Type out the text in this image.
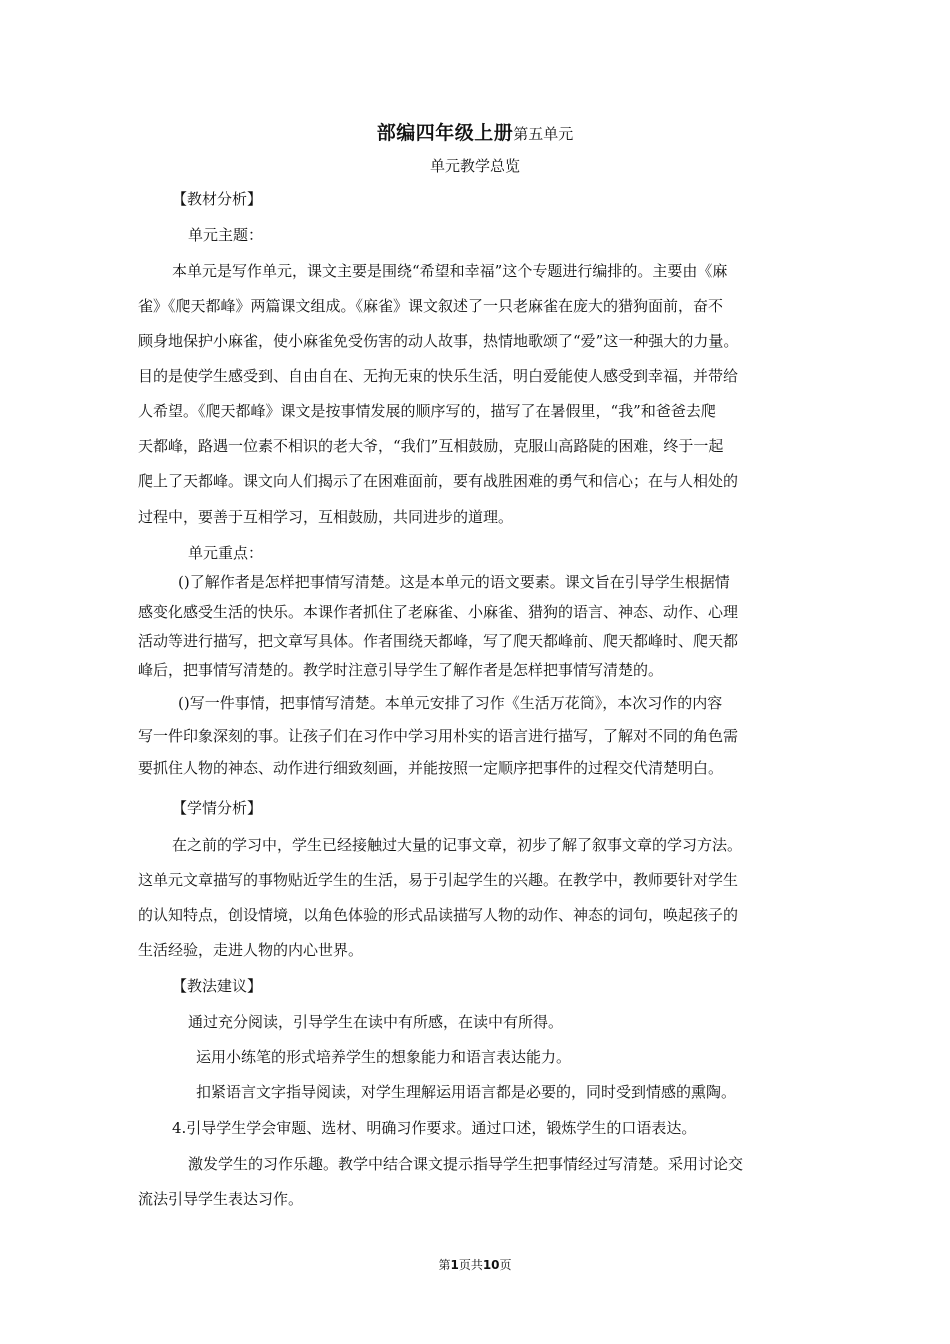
部编四年级上册第五单元
单元教学总览
【教材分析】
单元主题：
本单元是写作单元，课文主要是围绕“希望和幸福”这个专题进行编排的。主要由《麻
雀》《爬天都峰》两篇课文组成。《麻雀》课文叙述了一只老麻雀在庞大的猎狗面前，奋不
顾身地保护小麻雀，使小麻雀免受伤害的动人故事，热情地歌颂了“爱”这一种强大的力量。
目的是使学生感受到、自由自在、无拘无束的快乐生活，明白爱能使人感受到幸福，并带给
人希望。《爬天都峰》课文是按事情发展的顺序写的，描写了在暑假里，“我”和爸爸去爬
天都峰，路遇一位素不相识的老大爷，“我们”互相鼓励，克服山高路陡的困难，终于一起
爬上了天都峰。课文向人们揭示了在困难面前，要有战胜困难的勇气和信心；在与人相处的
过程中，要善于互相学习，互相鼓励，共同进步的道理。
单元重点：
()了解作者是怎样把事情写清楚。这是本单元的语文要素。课文旨在引导学生根据情
感变化感受生活的快乐。本课作者抓住了老麻雀、小麻雀、猎狗的语言、神态、动作、心理
活动等进行描写，把文章写具体。作者围绕天都峰，写了爬天都峰前、爬天都峰时、爬天都
峰后，把事情写清楚的。教学时注意引导学生了解作者是怎样把事情写清楚的。
()写一件事情，把事情写清楚。本单元安排了习作《生活万花筒》，本次习作的内容
写一件印象深刻的事。让孩子们在习作中学习用朴实的语言进行描写，了解对不同的角色需
要抓住人物的神态、动作进行细致刻画，并能按照一定顺序把事件的过程交代清楚明白。
【学情分析】
在之前的学习中，学生已经接触过大量的记事文章，初步了解了叙事文章的学习方法。
这单元文章描写的事物贴近学生的生活，易于引起学生的兴趣。在教学中，教师要针对学生
的认知特点，创设情境，以角色体验的形式品读描写人物的动作、神态的词句，唤起孩子的
生活经验，走进人物的内心世界。
【教法建议】
通过充分阅读，引导学生在读中有所感，在读中有所得。
运用小练笔的形式培养学生的想象能力和语言表达能力。
扣紧语言文字指导阅读，对学生理解运用语言都是必要的，同时受到情感的熏陶。
4.引导学生学会审题、选材、明确习作要求。通过口述，锻炼学生的口语表达。
激发学生的习作乐趣。教学中结合课文提示指导学生把事情经过写清楚。采用讨论交
流法引导学生表达习作。
第1页共10页
